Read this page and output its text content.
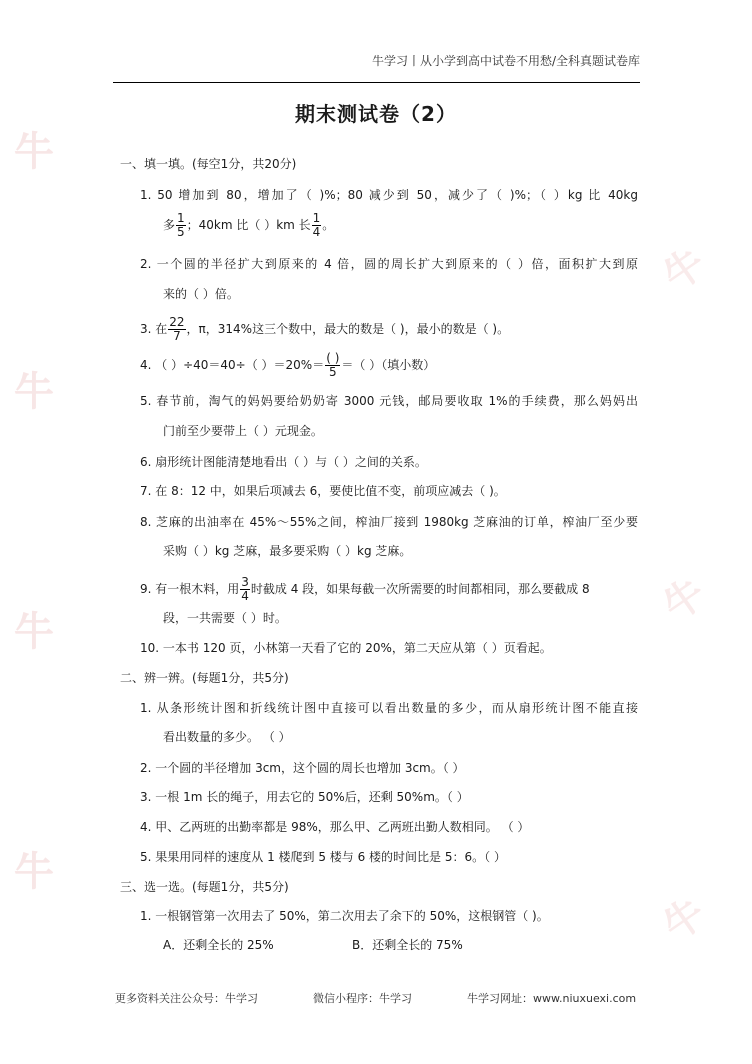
牛
牛
牛
牛
牛
牛
牛
牛学习丨从小学到高中试卷不用愁/全科真题试卷库
期末测试卷（2）
一、填一填。(每空1分，共20分)
1. 50 增加到 80，增加了（ )%；80 减少到 50，减少了（ )%；（ ）kg 比 40kg
多 $\frac{1}{5}$ ；40km 比（ ）km 长 $\frac{1}{4}$ 。
2. 一个圆的半径扩大到原来的 4 倍，圆的周长扩大到原来的（ ）倍，面积扩大到原
来的（ ）倍。
3. 在 $\frac{22}{7}$ ，π，314%这三个数中，最大的数是（ )，最小的数是（ )。
4. （ ）÷40＝40÷（ ）$=20\%= \frac{( )}{5}$ ＝（ ）（填小数）
5. 春节前，淘气的妈妈要给奶奶寄 3000 元钱，邮局要收取 1%的手续费，那么妈妈出
门前至少要带上（ ）元现金。
6. 扇形统计图能清楚地看出（ ）与（ ）之间的关系。
7. 在 8：12 中，如果后项减去 6，要使比值不变，前项应减去（ )。
8. 芝麻的出油率在 45%～55%之间，榨油厂接到 1980kg 芝麻油的订单，榨油厂至少要
采购（ ）kg 芝麻，最多要采购（ ）kg 芝麻。
9. 有一根木料，用 $\frac{3}{4}$ 时截成 4 段，如果每截一次所需要的时间都相同，那么要截成 8
段，一共需要（ ）时。
10. 一本书 120 页，小林第一天看了它的 20%，第二天应从第（ ）页看起。
二、辨一辨。(每题1分，共5分)
1. 从条形统计图和折线统计图中直接可以看出数量的多少，而从扇形统计图不能直接
看出数量的多少。 （ ）
2. 一个圆的半径增加 3cm，这个圆的周长也增加 3cm。（ ）
3. 一根 1m 长的绳子，用去它的 50%后，还剩 50%m。（ ）
4. 甲、乙两班的出勤率都是 98%，那么甲、乙两班出勤人数相同。 （ ）
5. 果果用同样的速度从 1 楼爬到 5 楼与 6 楼的时间比是 5：6。（ ）
三、选一选。(每题1分，共5分)
1. 一根钢管第一次用去了 50%，第二次用去了余下的 50%，这根钢管（ )。
A．还剩全长的 25%	B．还剩全长的 75%
更多资料关注公众号：牛学习	微信小程序：牛学习	牛学习网址：www.niuxuexi.com
